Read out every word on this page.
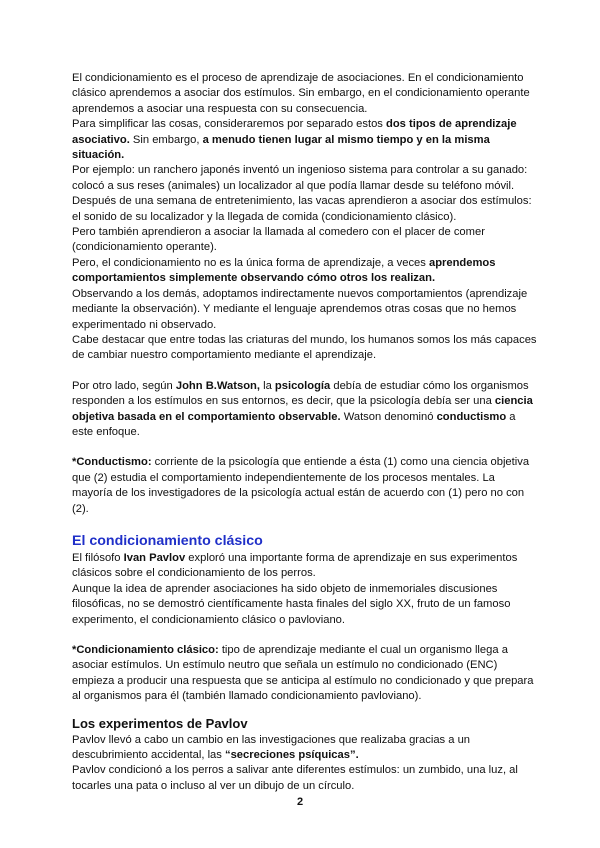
El condicionamiento es el proceso de aprendizaje de asociaciones. En el condicionamiento clásico aprendemos a asociar dos estímulos. Sin embargo, en el condicionamiento operante aprendemos a asociar una respuesta con su consecuencia.

Para simplificar las cosas, consideraremos por separado estos dos tipos de aprendizaje asociativo. Sin embargo, a menudo tienen lugar al mismo tiempo y en la misma situación.

Por ejemplo: un ranchero japonés inventó un ingenioso sistema para controlar a su ganado: colocó a sus reses (animales) un localizador al que podía llamar desde su teléfono móvil.

Después de una semana de entretenimiento, las vacas aprendieron a asociar dos estímulos: el sonido de su localizador y la llegada de comida (condicionamiento clásico).

Pero también aprendieron a asociar la llamada al comedero con el placer de comer (condicionamiento operante).

Pero, el condicionamiento no es la única forma de aprendizaje, a veces aprendemos comportamientos simplemente observando cómo otros los realizan.

Observando a los demás, adoptamos indirectamente nuevos comportamientos (aprendizaje mediante la observación). Y mediante el lenguaje aprendemos otras cosas que no hemos experimentado ni observado.

Cabe destacar que entre todas las criaturas del mundo, los humanos somos los más capaces de cambiar nuestro comportamiento mediante el aprendizaje.

Por otro lado, según John B.Watson, la psicología debía de estudiar cómo los organismos responden a los estímulos en sus entornos, es decir, que la psicología debía ser una ciencia objetiva basada en el comportamiento observable. Watson denominó conductismo a este enfoque.

*Conductismo: corriente de la psicología que entiende a ésta (1) como una ciencia objetiva que (2) estudia el comportamiento independientemente de los procesos mentales. La mayoría de los investigadores de la psicología actual están de acuerdo con (1) pero no con (2).

El condicionamiento clásico

El filósofo Ivan Pavlov exploró una importante forma de aprendizaje en sus experimentos clásicos sobre el condicionamiento de los perros.

Aunque la idea de aprender asociaciones ha sido objeto de inmemoriales discusiones filosóficas, no se demostró científicamente hasta finales del siglo XX, fruto de un famoso experimento, el condicionamiento clásico o pavloviano.

*Condicionamiento clásico: tipo de aprendizaje mediante el cual un organismo llega a asociar estímulos. Un estímulo neutro que señala un estímulo no condicionado (ENC) empieza a producir una respuesta que se anticipa al estímulo no condicionado y que prepara al organismos para él (también llamado condicionamiento pavloviano).

Los experimentos de Pavlov

Pavlov llevó a cabo un cambio en las investigaciones que realizaba gracias a un descubrimiento accidental, las “secreciones psíquicas”.

Pavlov condicionó a los perros a salivar ante diferentes estímulos: un zumbido, una luz, al tocarles una pata o incluso al ver un dibujo de un círculo.

2
